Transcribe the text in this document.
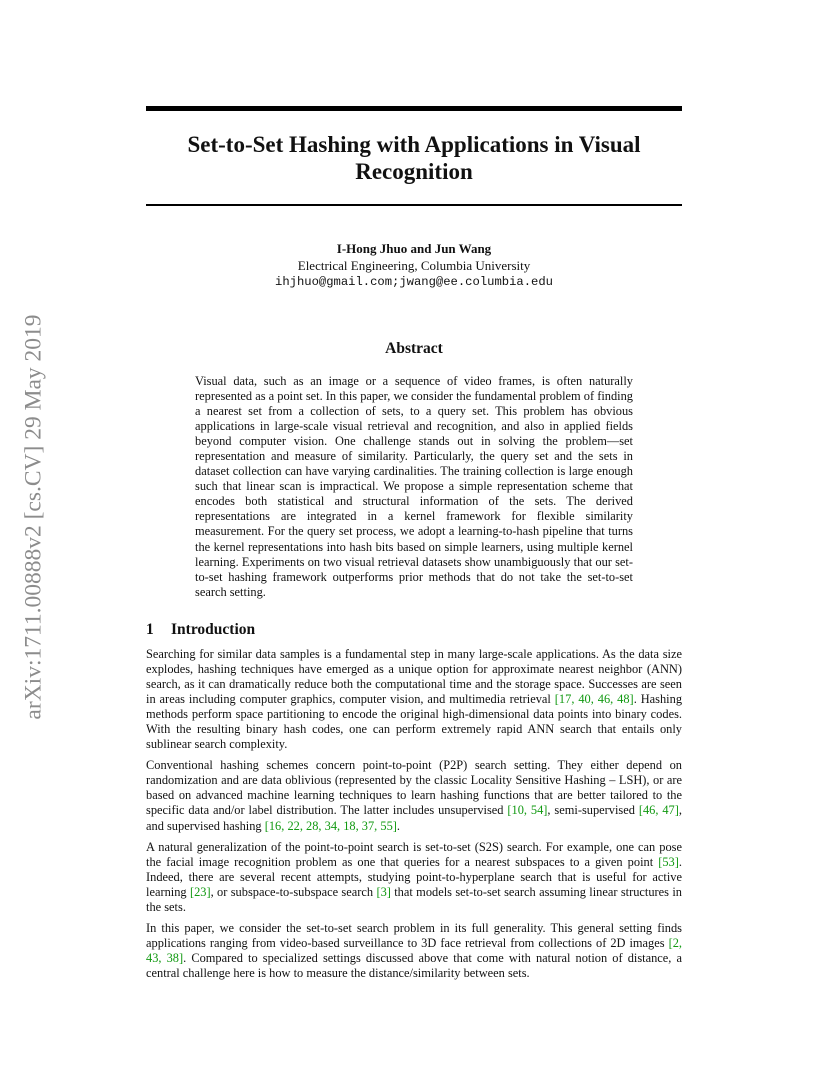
arXiv:1711.00888v2 [cs.CV] 29 May 2019
Set-to-Set Hashing with Applications in Visual Recognition
I-Hong Jhuo and Jun Wang
Electrical Engineering, Columbia University
ihjhuo@gmail.com;jwang@ee.columbia.edu
Abstract

Visual data, such as an image or a sequence of video frames, is often naturally represented as a point set. In this paper, we consider the fundamental problem of finding a nearest set from a collection of sets, to a query set. This problem has obvious applications in large-scale visual retrieval and recognition, and also in applied fields beyond computer vision. One challenge stands out in solving the problem—set representation and measure of similarity. Particularly, the query set and the sets in dataset collection can have varying cardinalities. The training collection is large enough such that linear scan is impractical. We propose a simple representation scheme that encodes both statistical and structural information of the sets. The derived representations are integrated in a kernel framework for flexible similarity measurement. For the query set process, we adopt a learning-to-hash pipeline that turns the kernel representations into hash bits based on simple learners, using multiple kernel learning. Experiments on two visual retrieval datasets show unambiguously that our set-to-set hashing framework outperforms prior methods that do not take the set-to-set search setting.

1 Introduction

Searching for similar data samples is a fundamental step in many large-scale applications. As the data size explodes, hashing techniques have emerged as a unique option for approximate nearest neighbor (ANN) search, as it can dramatically reduce both the computational time and the storage space. Successes are seen in areas including computer graphics, computer vision, and multimedia retrieval [17, 40, 46, 48]. Hashing methods perform space partitioning to encode the original high-dimensional data points into binary codes. With the resulting binary hash codes, one can perform extremely rapid ANN search that entails only sublinear search complexity.

Conventional hashing schemes concern point-to-point (P2P) search setting. They either depend on randomization and are data oblivious (represented by the classic Locality Sensitive Hashing – LSH), or are based on advanced machine learning techniques to learn hashing functions that are better tailored to the specific data and/or label distribution. The latter includes unsupervised [10, 54], semi-supervised [46, 47], and supervised hashing [16, 22, 28, 34, 18, 37, 55].

A natural generalization of the point-to-point search is set-to-set (S2S) search. For example, one can pose the facial image recognition problem as one that queries for a nearest subspaces to a given point [53]. Indeed, there are several recent attempts, studying point-to-hyperplane search that is useful for active learning [23], or subspace-to-subspace search [3] that models set-to-set search assuming linear structures in the sets.

In this paper, we consider the set-to-set search problem in its full generality. This general setting finds applications ranging from video-based surveillance to 3D face retrieval from collections of 2D images [2, 43, 38]. Compared to specialized settings discussed above that come with natural notion of distance, a central challenge here is how to measure the distance/similarity between sets.
